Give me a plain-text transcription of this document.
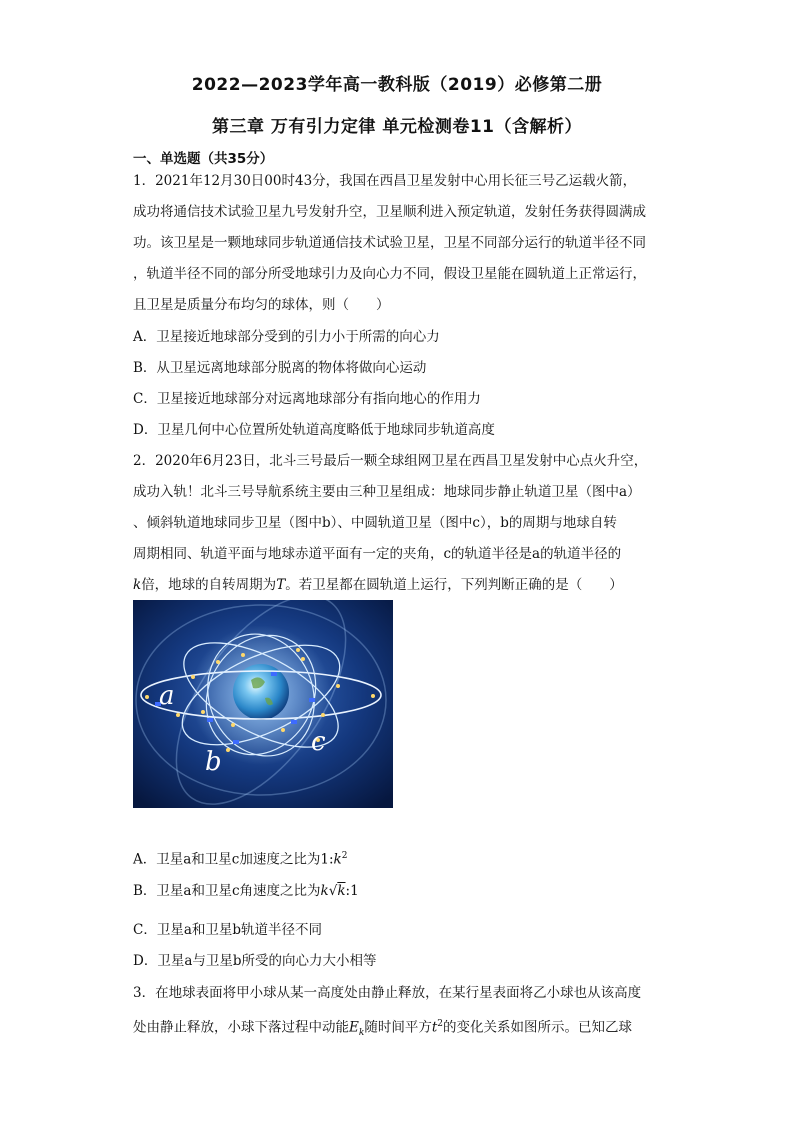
2022—2023学年高一教科版（2019）必修第二册
第三章 万有引力定律 单元检测卷11（含解析）
一、单选题（共35分）
1．2021年12月30日00时43分，我国在西昌卫星发射中心用长征三号乙运载火箭，
成功将通信技术试验卫星九号发射升空，卫星顺利进入预定轨道，发射任务获得圆满成
功。该卫星是一颗地球同步轨道通信技术试验卫星，卫星不同部分运行的轨道半径不同
，轨道半径不同的部分所受地球引力及向心力不同，假设卫星能在圆轨道上正常运行，
且卫星是质量分布均匀的球体，则（　　）
A．卫星接近地球部分受到的引力小于所需的向心力
B．从卫星远离地球部分脱离的物体将做向心运动
C．卫星接近地球部分对远离地球部分有指向地心的作用力
D．卫星几何中心位置所处轨道高度略低于地球同步轨道高度
2．2020年6月23日，北斗三号最后一颗全球组网卫星在西昌卫星发射中心点火升空，
成功入轨！北斗三号导航系统主要由三种卫星组成：地球同步静止轨道卫星（图中a）
、倾斜轨道地球同步卫星（图中b）、中圆轨道卫星（图中c），b的周期与地球自转
周期相同、轨道平面与地球赤道平面有一定的夹角，c的轨道半径是a的轨道半径的
k倍，地球的自转周期为T。若卫星都在圆轨道上运行，下列判断正确的是（　　）
a
b
c
A．卫星a和卫星c加速度之比为$1:k^2$
B．卫星a和卫星c角速度之比为k√k:1
C．卫星a和卫星b轨道半径不同
D．卫星a与卫星b所受的向心力大小相等
3．在地球表面将甲小球从某一高度处由静止释放，在某行星表面将乙小球也从该高度
处由静止释放，小球下落过程中动能$E_k$随时间平方$t^2$的变化关系如图所示。已知乙球
